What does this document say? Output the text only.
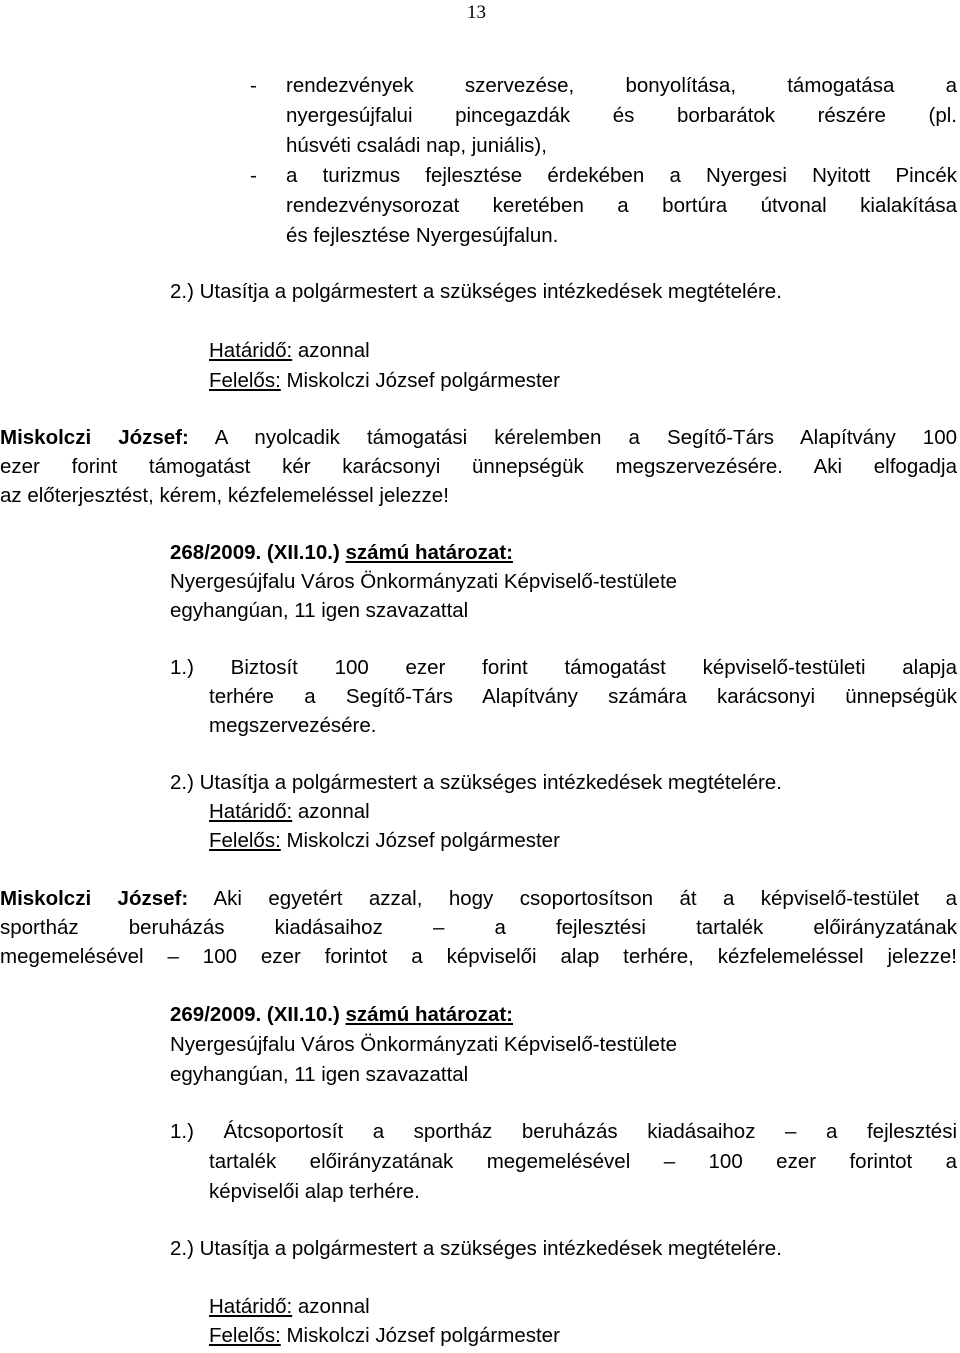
13
- rendezvények szervezése, bonyolítása, támogatása a
nyergesújfalui pincegazdák és borbarátok részére (pl.
húsvéti családi nap, juniális),
- a turizmus fejlesztése érdekében a Nyergesi Nyitott Pincék
rendezvénysorozat keretében a bortúra útvonal kialakítása
és fejlesztése Nyergesújfalun.
2.) Utasítja a polgármestert a szükséges intézkedések megtételére.
Határidő: azonnal
Felelős: Miskolczi József polgármester
Miskolczi József: A nyolcadik támogatási kérelemben a Segítő-Társ Alapítvány 100
ezer forint támogatást kér karácsonyi ünnepségük megszervezésére. Aki elfogadja
az előterjesztést, kérem, kézfelemeléssel jelezze!
268/2009. (XII.10.) számú határozat:
Nyergesújfalu Város Önkormányzati Képviselő-testülete
egyhangúan, 11 igen szavazattal
1.) Biztosít 100 ezer forint támogatást képviselő-testületi alapja
terhére a Segítő-Társ Alapítvány számára karácsonyi ünnepségük
megszervezésére.
2.) Utasítja a polgármestert a szükséges intézkedések megtételére.
Határidő: azonnal
Felelős: Miskolczi József polgármester
Miskolczi József: Aki egyetért azzal, hogy csoportosítson át a képviselő-testület a
sportház beruházás kiadásaihoz – a fejlesztési tartalék előirányzatának
megemelésével – 100 ezer forintot a képviselői alap terhére, kézfelemeléssel jelezze!
269/2009. (XII.10.) számú határozat:
Nyergesújfalu Város Önkormányzati Képviselő-testülete
egyhangúan, 11 igen szavazattal
1.) Átcsoportosít a sportház beruházás kiadásaihoz – a fejlesztési
tartalék előirányzatának megemelésével – 100 ezer forintot a
képviselői alap terhére.
2.) Utasítja a polgármestert a szükséges intézkedések megtételére.
Határidő: azonnal
Felelős: Miskolczi József polgármester
